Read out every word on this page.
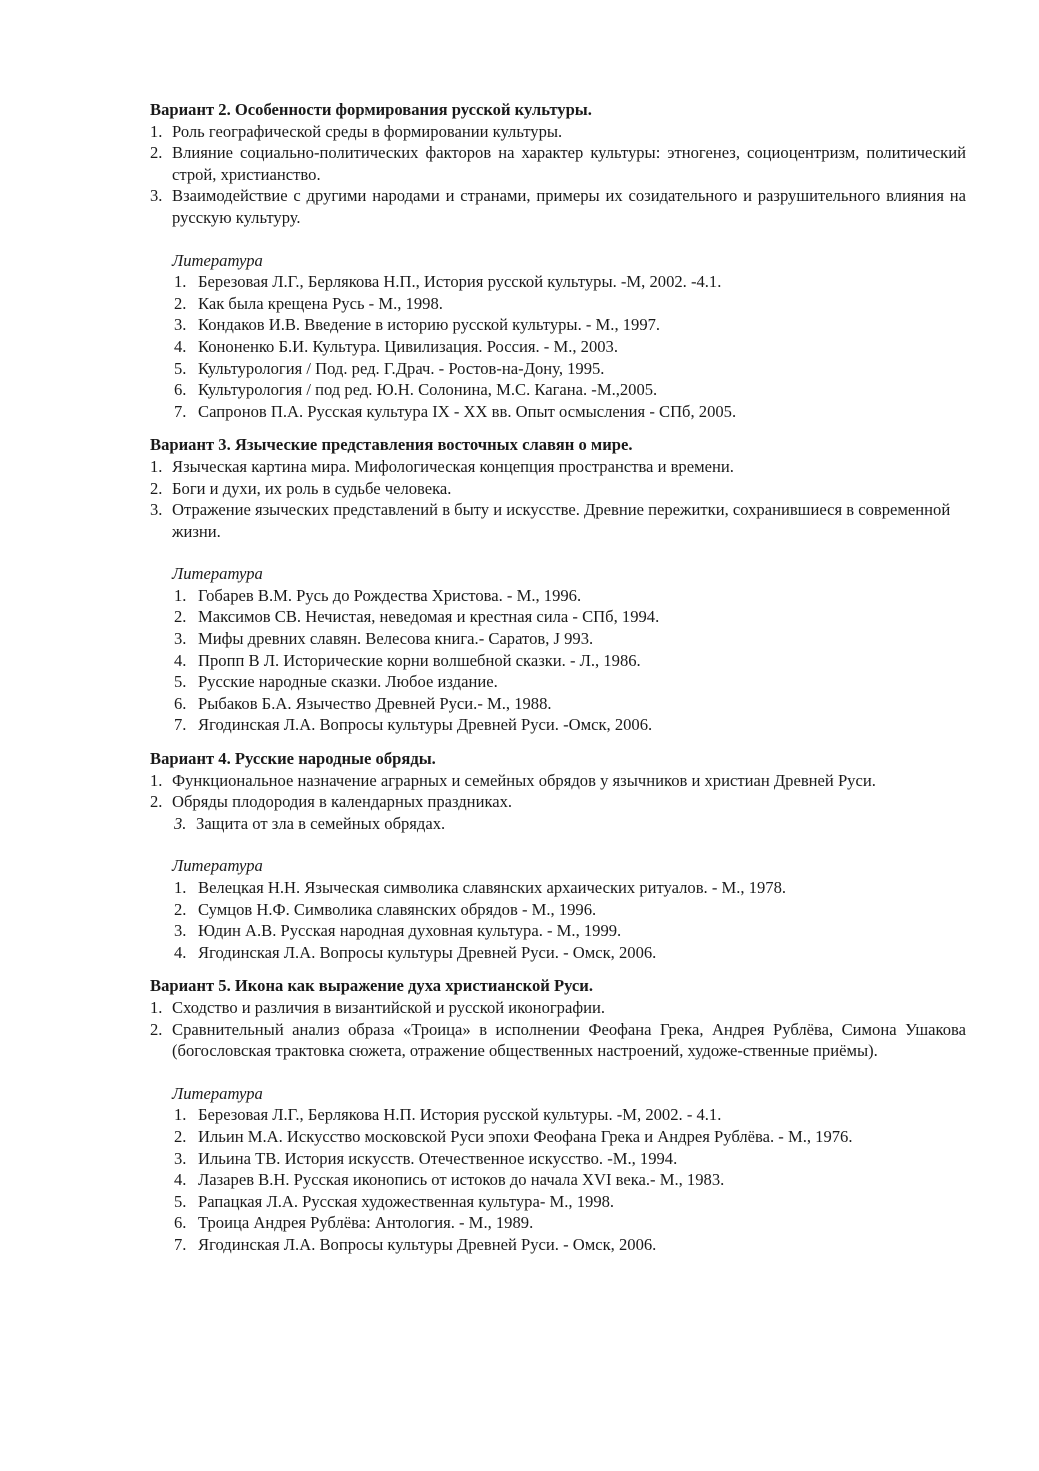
Вариант 2. Особенности формирования русской культуры.

1. Роль географической среды в формировании культуры.
2. Влияние социально-политических факторов на характер культуры: этногенез, социоцентризм, политический строй, христианство.
3. Взаимодействие с другими народами и странами, примеры их созидательного и разрушительного влияния на русскую культуру.

Литература

1. Березовая Л.Г., Берлякова Н.П., История русской культуры. -М, 2002. -4.1.
2. Как была крещена Русь - М., 1998.
3. Кондаков И.В. Введение в историю русской культуры. - М., 1997.
4. Кононенко Б.И. Культура. Цивилизация. Россия. - М., 2003.
5. Культурология / Под. ред. Г.Драч. - Ростов-на-Дону, 1995.
6. Культурология / под ред. Ю.Н. Солонина, М.С. Кагана. -М.,2005.
7. Сапронов П.А. Русская культура IX - XX вв. Опыт осмысления - СПб, 2005.

Вариант 3. Языческие представления восточных славян о мире.

1. Языческая картина мира. Мифологическая концепция пространства и времени.
2. Боги и духи, их роль в судьбе человека.
3. Отражение языческих представлений в быту и искусстве. Древние пережитки, сохранившиеся в современной жизни.

Литература

1. Гобарев В.М. Русь до Рождества Христова. - М., 1996.
2. Максимов СВ. Нечистая, неведомая и крестная сила - СПб, 1994.
3. Мифы древних славян. Велесова книга.- Саратов, J 993.
4. Пропп В Л. Исторические корни волшебной сказки. - Л., 1986.
5. Русские народные сказки. Любое издание.
6. Рыбаков Б.А. Язычество Древней Руси.- М., 1988.
7. Ягодинская Л.А. Вопросы культуры Древней Руси. -Омск, 2006.

Вариант 4. Русские народные обряды.

1. Функциональное назначение аграрных и семейных обрядов у язычников и христиан Древней Руси.
2. Обряды плодородия в календарных праздниках.
3. Защита от зла в семейных обрядах.

Литература

1. Велецкая Н.Н. Языческая символика славянских архаических ритуалов. - М., 1978.
2. Сумцов Н.Ф. Символика славянских обрядов - М., 1996.
3. Юдин А.В. Русская народная духовная культура. - М., 1999.
4. Ягодинская Л.А. Вопросы культуры Древней Руси. - Омск, 2006.

Вариант 5. Икона как выражение духа христианской Руси.

1. Сходство и различия в византийской и русской иконографии.
2. Сравнительный анализ образа «Троица» в исполнении Феофана Грека, Андрея Рублёва, Симона Ушакова (богословская трактовка сюжета, отражение общественных настроений, художе-ственные приёмы).

Литература

1. Березовая Л.Г., Берлякова Н.П. История русской культуры. -М, 2002. - 4.1.
2. Ильин М.А. Искусство московской Руси эпохи Феофана Грека и Андрея Рублёва. - М., 1976.
3. Ильина ТВ. История искусств. Отечественное искусство. -М., 1994.
4. Лазарев В.Н. Русская иконопись от истоков до начала XVI века.- М., 1983.
5. Рапацкая Л.А. Русская художественная культура- М., 1998.
6. Троица Андрея Рублёва: Антология. - М., 1989.
7. Ягодинская Л.А. Вопросы культуры Древней Руси. - Омск, 2006.
